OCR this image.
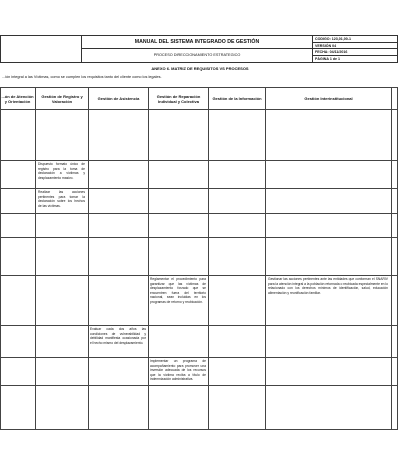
MANUAL DEL SISTEMA INTEGRADO DE GESTIÓN
PROCESO DIRECCIONAMIENTO ESTRATEGICO
CODIGO: 123,01,00-1
VERSIÓN 04
FECHA: 04/11/2016
PÁGINA 1 de 1
ANEXO 6. MATRIZ DE REQUISITOS VS PROCESOS
...ión integral a las Víctimas, como se cumplen los requisitos tanto del cliente como los legales.
...ón de Atención y Orientación
Gestión de Registro y Valoración
Gestión de Asistencia	Gestión de Reparación Individual y Colectiva
Gestión de la Información	Gestión Interinstitucional
Dispuesto formato único de registro para la toma de declaración a víctimas y desplazamiento masivo.
Realizar las acciones pertinentes para tomar la declaración sobre los hechos de las víctimas.
Reglamentar el procedimiento para garantizar que las víctimas de desplazamiento forzado que se encuentren fuera del territorio nacional, sean incluidas en los programas de retorno y reubicación.
Gestionar las acciones pertinentes ante las entidades que conforman el SNARIV para la atención integral a la población retornada o reubicada especialmente en lo relacionado con los derechos mínimos de identificación, salud, educación alimentación y reunificación familiar.
Evaluar cada dos años las condiciones de vulnerabilidad y debilidad manifiesta ocasionada por el hecho mismo del desplazamiento.
Implementar un programa de acompañamiento para promover una inversión adecuada de los recursos que la víctima reciba a título de indemnización administrativa.
